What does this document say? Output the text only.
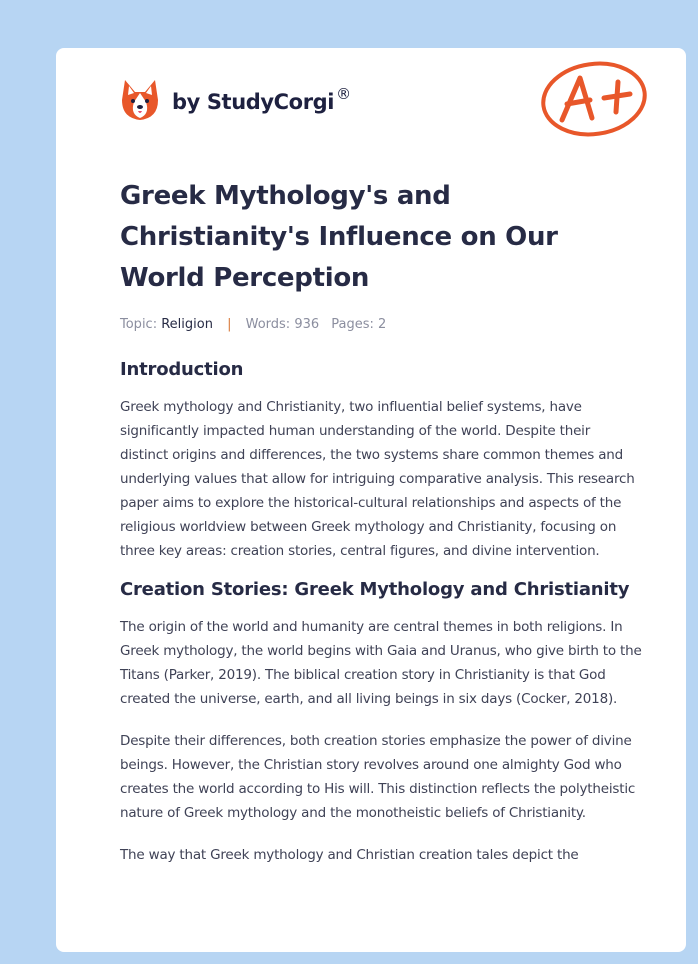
by StudyCorgi ®
Greek Mythology's and Christianity's Influence on Our World Perception
Topic: Religion | Words: 936 Pages: 2
Introduction

Greek mythology and Christianity, two influential belief systems, have significantly impacted human understanding of the world. Despite their distinct origins and differences, the two systems share common themes and underlying values that allow for intriguing comparative analysis. This research paper aims to explore the historical-cultural relationships and aspects of the religious worldview between Greek mythology and Christianity, focusing on three key areas: creation stories, central figures, and divine intervention.

Creation Stories: Greek Mythology and Christianity

The origin of the world and humanity are central themes in both religions. In Greek mythology, the world begins with Gaia and Uranus, who give birth to the Titans (Parker, 2019). The biblical creation story in Christianity is that God created the universe, earth, and all living beings in six days (Cocker, 2018).

Despite their differences, both creation stories emphasize the power of divine beings. However, the Christian story revolves around one almighty God who creates the world according to His will. This distinction reflects the polytheistic nature of Greek mythology and the monotheistic beliefs of Christianity.

The way that Greek mythology and Christian creation tales depict the
